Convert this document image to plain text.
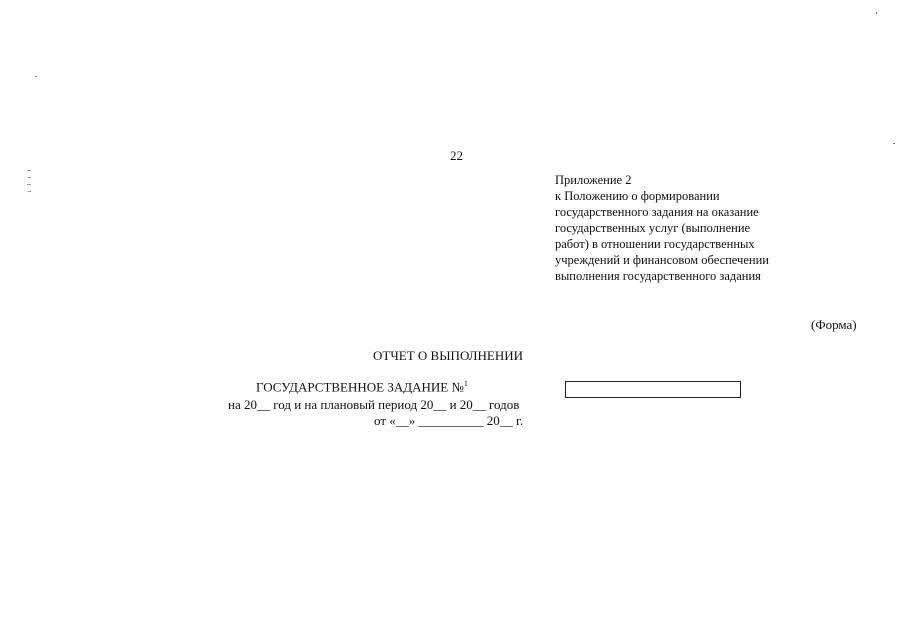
22
Приложение 2
к Положению о формировании
государственного задания на оказание
государственных услуг (выполнение
работ) в отношении государственных
учреждений и финансовом обеспечении
выполнения государственного задания
(Форма)
ОТЧЕТ О ВЫПОЛНЕНИИ
ГОСУДАРСТВЕННОЕ ЗАДАНИЕ №$^1$
на 20__ год и на плановый период 20__ и 20__ годов
от «__» __________ 20__ г.
